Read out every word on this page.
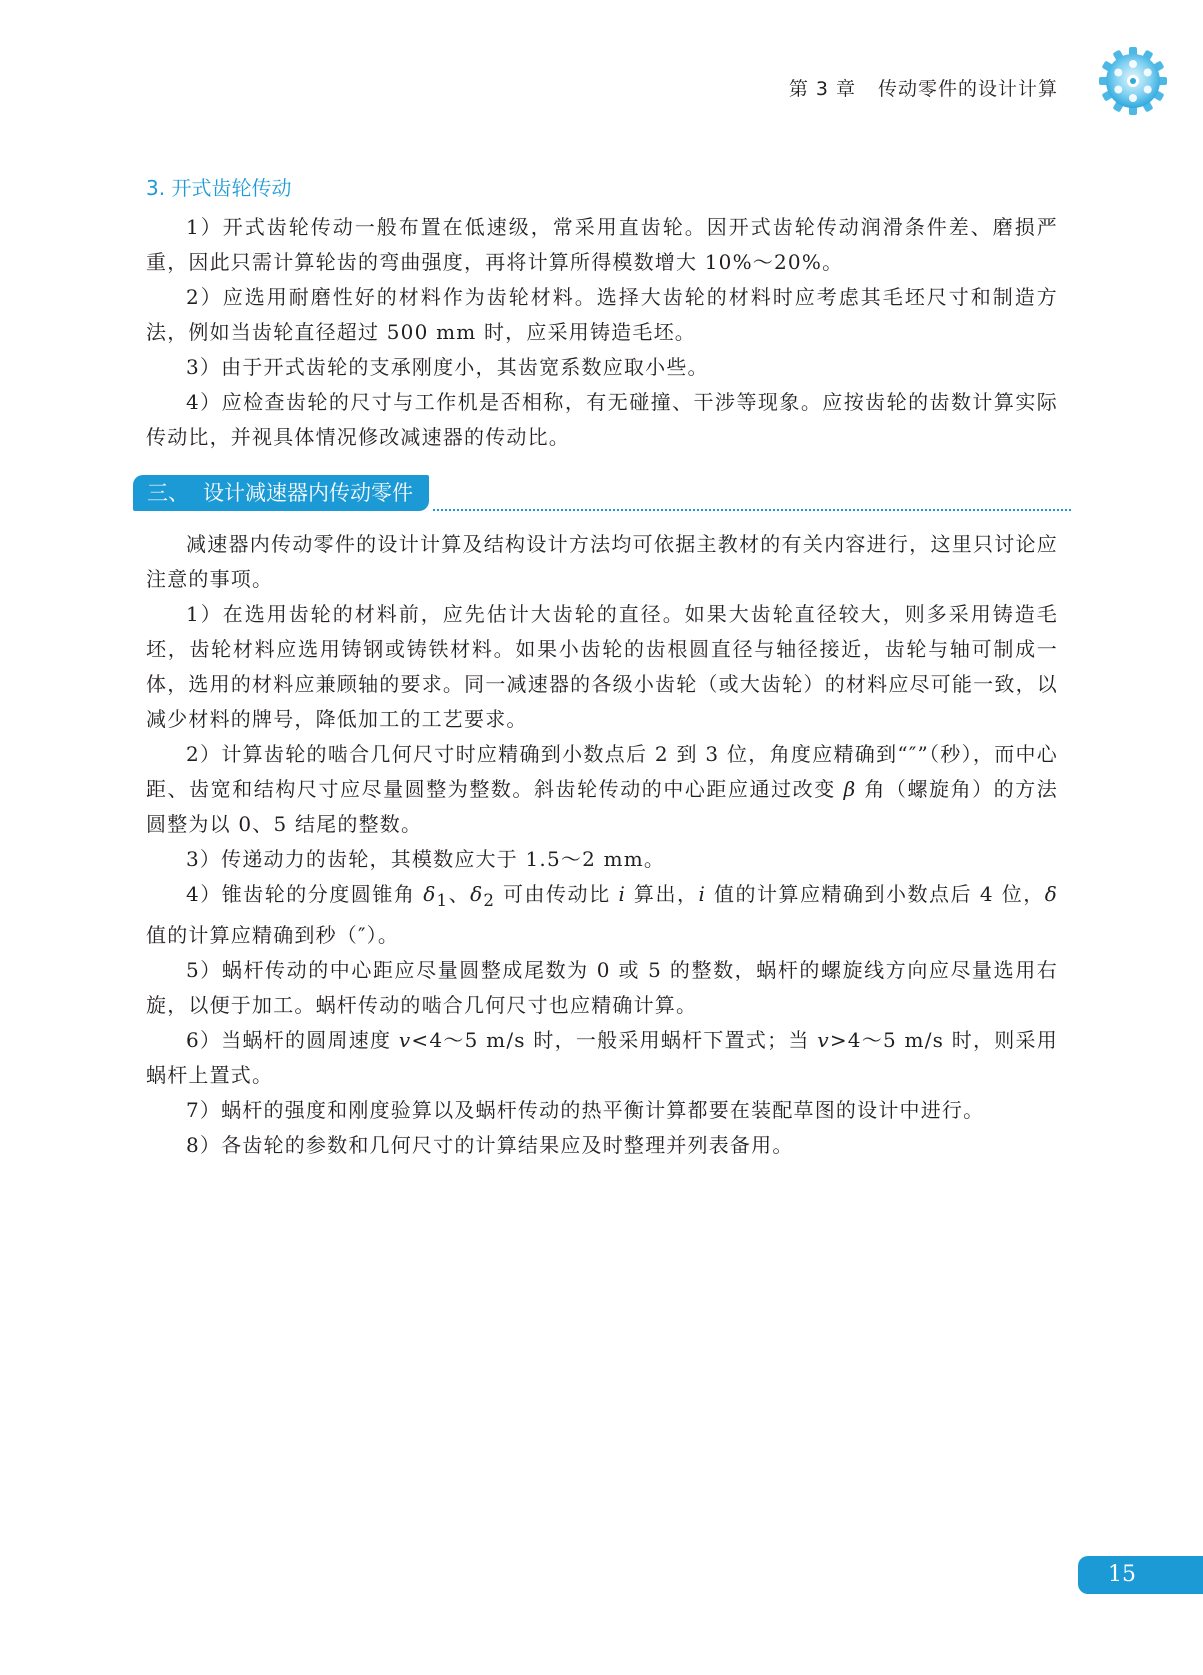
第 3 章 传动零件的设计计算
3. 开式齿轮传动

1）开式齿轮传动一般布置在低速级，常采用直齿轮。因开式齿轮传动润滑条件差、磨损严重，因此只需计算轮齿的弯曲强度，再将计算所得模数增大 10%～20%。

2）应选用耐磨性好的材料作为齿轮材料。选择大齿轮的材料时应考虑其毛坯尺寸和制造方法，例如当齿轮直径超过 500 mm 时，应采用铸造毛坯。

3）由于开式齿轮的支承刚度小，其齿宽系数应取小些。

4）应检查齿轮的尺寸与工作机是否相称，有无碰撞、干涉等现象。应按齿轮的齿数计算实际传动比，并视具体情况修改减速器的传动比。

三、 设计减速器内传动零件

减速器内传动零件的设计计算及结构设计方法均可依据主教材的有关内容进行，这里只讨论应注意的事项。

1）在选用齿轮的材料前，应先估计大齿轮的直径。如果大齿轮直径较大，则多采用铸造毛坯，齿轮材料应选用铸钢或铸铁材料。如果小齿轮的齿根圆直径与轴径接近，齿轮与轴可制成一体，选用的材料应兼顾轴的要求。同一减速器的各级小齿轮（或大齿轮）的材料应尽可能一致，以减少材料的牌号，降低加工的工艺要求。

2）计算齿轮的啮合几何尺寸时应精确到小数点后 2 到 3 位，角度应精确到“″”（秒），而中心距、齿宽和结构尺寸应尽量圆整为整数。斜齿轮传动的中心距应通过改变 β 角（螺旋角）的方法圆整为以 0、5 结尾的整数。

3）传递动力的齿轮，其模数应大于 1.5～2 mm。

4）锥齿轮的分度圆锥角 $\delta_1$、$\delta_2$ 可由传动比 i 算出，i 值的计算应精确到小数点后 4 位，δ值的计算应精确到秒（″）。

5）蜗杆传动的中心距应尽量圆整成尾数为 0 或 5 的整数，蜗杆的螺旋线方向应尽量选用右旋，以便于加工。蜗杆传动的啮合几何尺寸也应精确计算。

6）当蜗杆的圆周速度 v<4～5 m/s 时，一般采用蜗杆下置式；当 v>4～5 m/s 时，则采用蜗杆上置式。

7）蜗杆的强度和刚度验算以及蜗杆传动的热平衡计算都要在装配草图的设计中进行。

8）各齿轮的参数和几何尺寸的计算结果应及时整理并列表备用。

15
